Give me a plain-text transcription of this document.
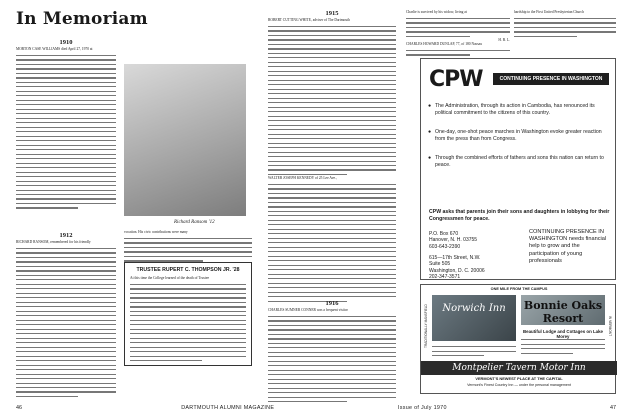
In Memoriam
1910
MORTON CASE WILLIAMS died April 27, 1970 at
1912
RICHARD RANSOM, remembered for his friendly
Richard Ransom '12
vocation. His civic contributions were many
TRUSTEE RUPERT C. THOMPSON JR. '28
At this time the College learned of the death of Trustee
1915
ROBERT CUTTING WHITE, adviser of The Dartmouth
WALTER JOSEPH KENNEDY of 25 Lee Ave.,
1916
CHARLES SUMNER CONNER was a frequent visitor
Charlie is survived by his widow, living at
H. B. L.
CHARLES HOWARD DUNLAP, 77, of 180 Nassau
hardship to the First United Presbyterian Church
CPW	CONTINUING PRESENCE IN WASHINGTON
● The Administration, through its action in Cambodia, has renounced its political commitment to the citizens of this country.
● One-day, one-shot peace marches in Washington evoke greater reaction from the press than from Congress.
● Through the combined efforts of fathers and sons this nation can return to peace.
CPW asks that parents join their sons and daughters in lobbying for their Congressmen for peace.
P.O. Box 670
Hanover, N. H. 03755
603-643-2390
615—17th Street, N.W.
Suite 505
Washington, D. C. 20006
202-347-3571
CONTINUING PRESENCE IN WASHINGTON needs financial help to grow and the participation of young professionals
ONE MILE FROM THE CAMPUS
TRADITIONALLY MANSFIELD	IN VERMONT
Norwich Inn	Bonnie Oaks Resort
Beautiful Lodge and Cottages on Lake Morey
Montpelier Tavern Motor Inn
VERMONT'S NEWEST PLACE AT THE CAPITAL
Vermont's Finest Country Inn — under the personal management
46	DARTMOUTH ALUMNI MAGAZINE	Issue of July 1970	47
